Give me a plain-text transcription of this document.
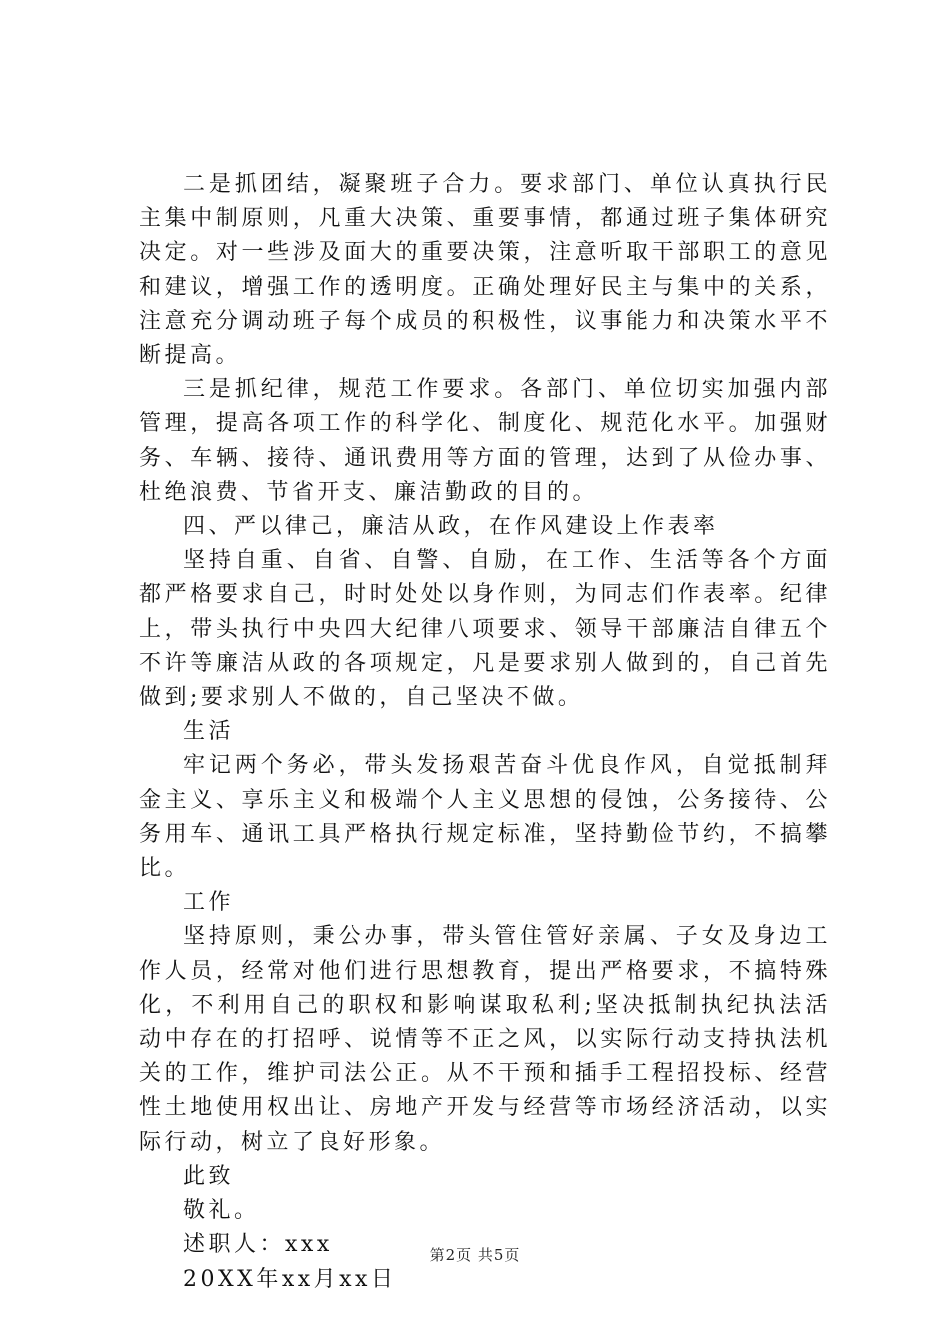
二是抓团结，凝聚班子合力。要求部门、单位认真执行民主集中制原则，凡重大决策、重要事情，都通过班子集体研究决定。对一些涉及面大的重要决策，注意听取干部职工的意见和建议，增强工作的透明度。正确处理好民主与集中的关系，注意充分调动班子每个成员的积极性，议事能力和决策水平不断提高。

三是抓纪律，规范工作要求。各部门、单位切实加强内部管理，提高各项工作的科学化、制度化、规范化水平。加强财务、车辆、接待、通讯费用等方面的管理，达到了从俭办事、杜绝浪费、节省开支、廉洁勤政的目的。

四、严以律己，廉洁从政，在作风建设上作表率

坚持自重、自省、自警、自励，在工作、生活等各个方面都严格要求自己，时时处处以身作则，为同志们作表率。纪律上，带头执行中央四大纪律八项要求、领导干部廉洁自律五个不许等廉洁从政的各项规定，凡是要求别人做到的，自己首先做到;要求别人不做的，自己坚决不做。

生活

牢记两个务必，带头发扬艰苦奋斗优良作风，自觉抵制拜金主义、享乐主义和极端个人主义思想的侵蚀，公务接待、公务用车、通讯工具严格执行规定标准，坚持勤俭节约，不搞攀比。

工作

坚持原则，秉公办事，带头管住管好亲属、子女及身边工作人员，经常对他们进行思想教育，提出严格要求，不搞特殊化，不利用自己的职权和影响谋取私利;坚决抵制执纪执法活动中存在的打招呼、说情等不正之风，以实际行动支持执法机关的工作，维护司法公正。从不干预和插手工程招投标、经营性土地使用权出让、房地产开发与经营等市场经济活动，以实际行动，树立了良好形象。

此致

敬礼。

述职人：xxx

20XX年xx月xx日

第2页 共5页
